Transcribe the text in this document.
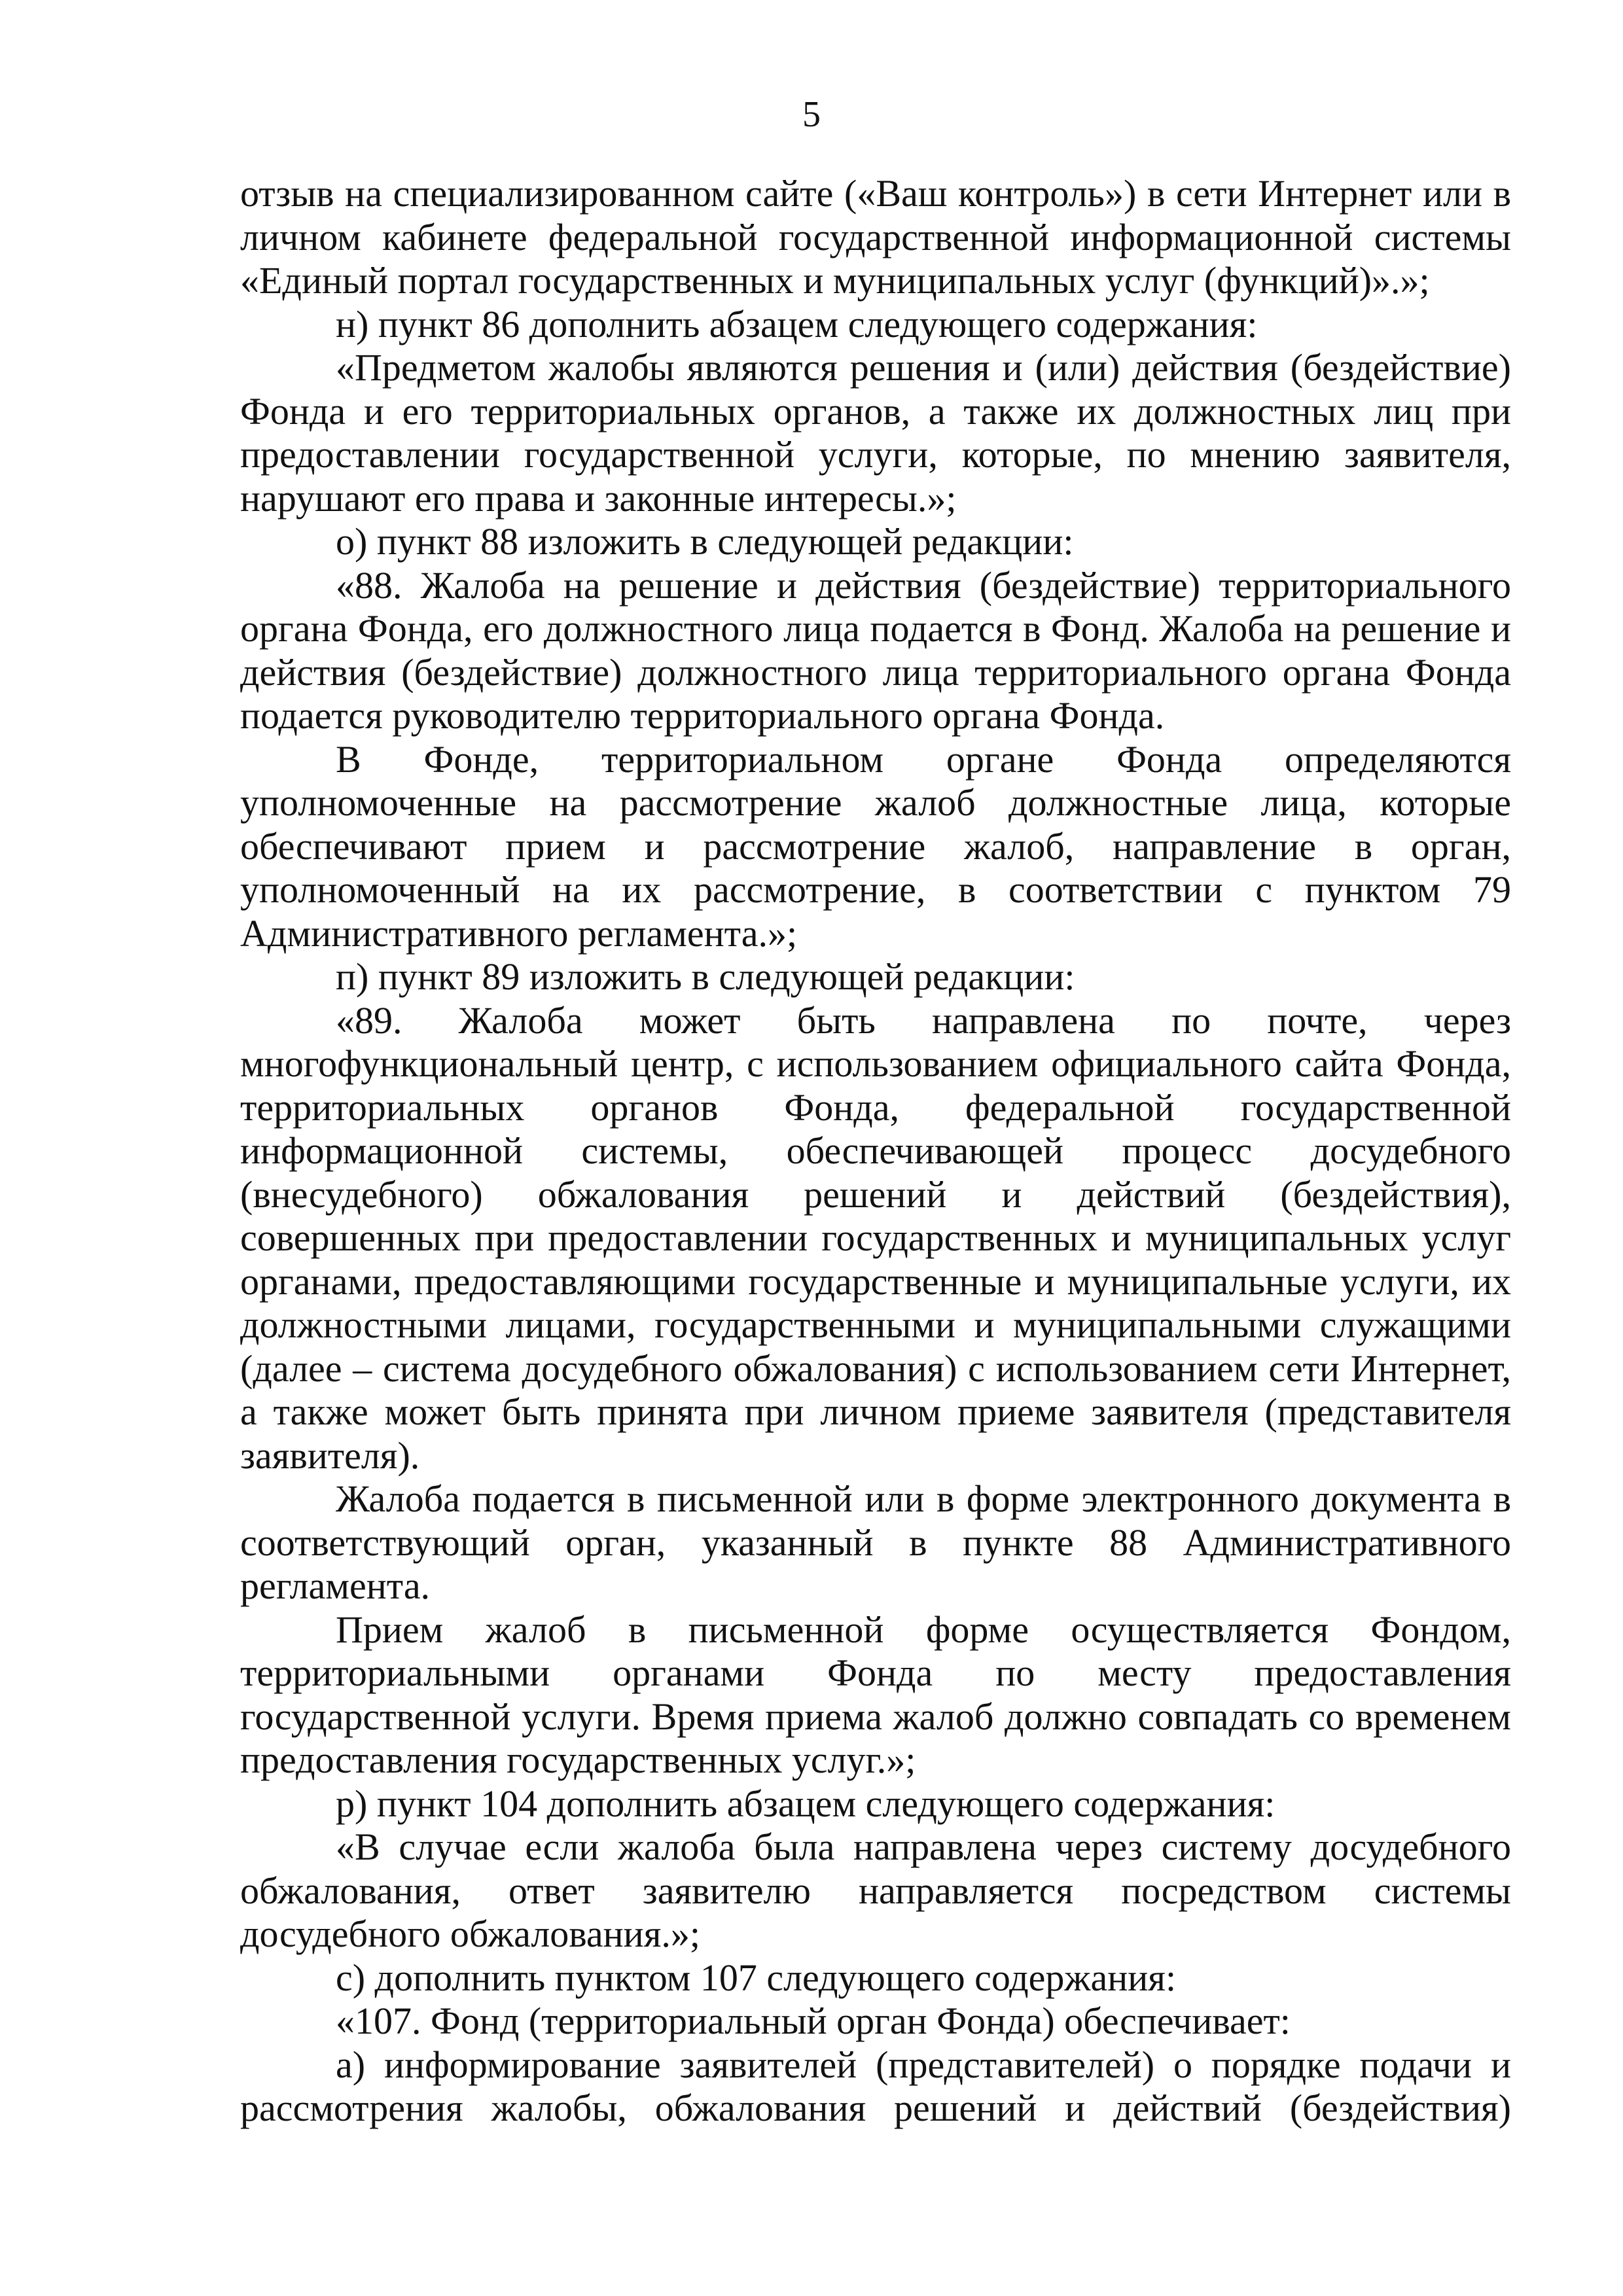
5

отзыв на специализированном сайте («Ваш контроль») в сети Интернет или в личном кабинете федеральной государственной информационной системы «Единый портал государственных и муниципальных услуг (функций)».»;

н) пункт 86 дополнить абзацем следующего содержания:

«Предметом жалобы являются решения и (или) действия (бездействие) Фонда и его территориальных органов, а также их должностных лиц при предоставлении государственной услуги, которые, по мнению заявителя, нарушают его права и законные интересы.»;

о) пункт 88 изложить в следующей редакции:

«88. Жалоба на решение и действия (бездействие) территориального органа Фонда, его должностного лица подается в Фонд. Жалоба на решение и действия (бездействие) должностного лица территориального органа Фонда подается руководителю территориального органа Фонда.

В Фонде, территориальном органе Фонда определяются уполномоченные на рассмотрение жалоб должностные лица, которые обеспечивают прием и рассмотрение жалоб, направление в орган, уполномоченный на их рассмотрение, в соответствии с пунктом 79 Административного регламента.»;

п) пункт 89 изложить в следующей редакции:

«89. Жалоба может быть направлена по почте, через многофункциональный центр, с использованием официального сайта Фонда, территориальных органов Фонда, федеральной государственной информационной системы, обеспечивающей процесс досудебного (внесудебного) обжалования решений и действий (бездействия), совершенных при предоставлении государственных и муниципальных услуг органами, предоставляющими государственные и муниципальные услуги, их должностными лицами, государственными и муниципальными служащими (далее – система досудебного обжалования) с использованием сети Интернет, а также может быть принята при личном приеме заявителя (представителя заявителя).

Жалоба подается в письменной или в форме электронного документа в соответствующий орган, указанный в пункте 88 Административного регламента.

Прием жалоб в письменной форме осуществляется Фондом, территориальными органами Фонда по месту предоставления государственной услуги. Время приема жалоб должно совпадать со временем предоставления государственных услуг.»;

р) пункт 104 дополнить абзацем следующего содержания:

«В случае если жалоба была направлена через систему досудебного обжалования, ответ заявителю направляется посредством системы досудебного обжалования.»;

с) дополнить пунктом 107 следующего содержания:

«107. Фонд (территориальный орган Фонда) обеспечивает:

а) информирование заявителей (представителей) о порядке подачи и рассмотрения жалобы, обжалования решений и действий (бездействия)
